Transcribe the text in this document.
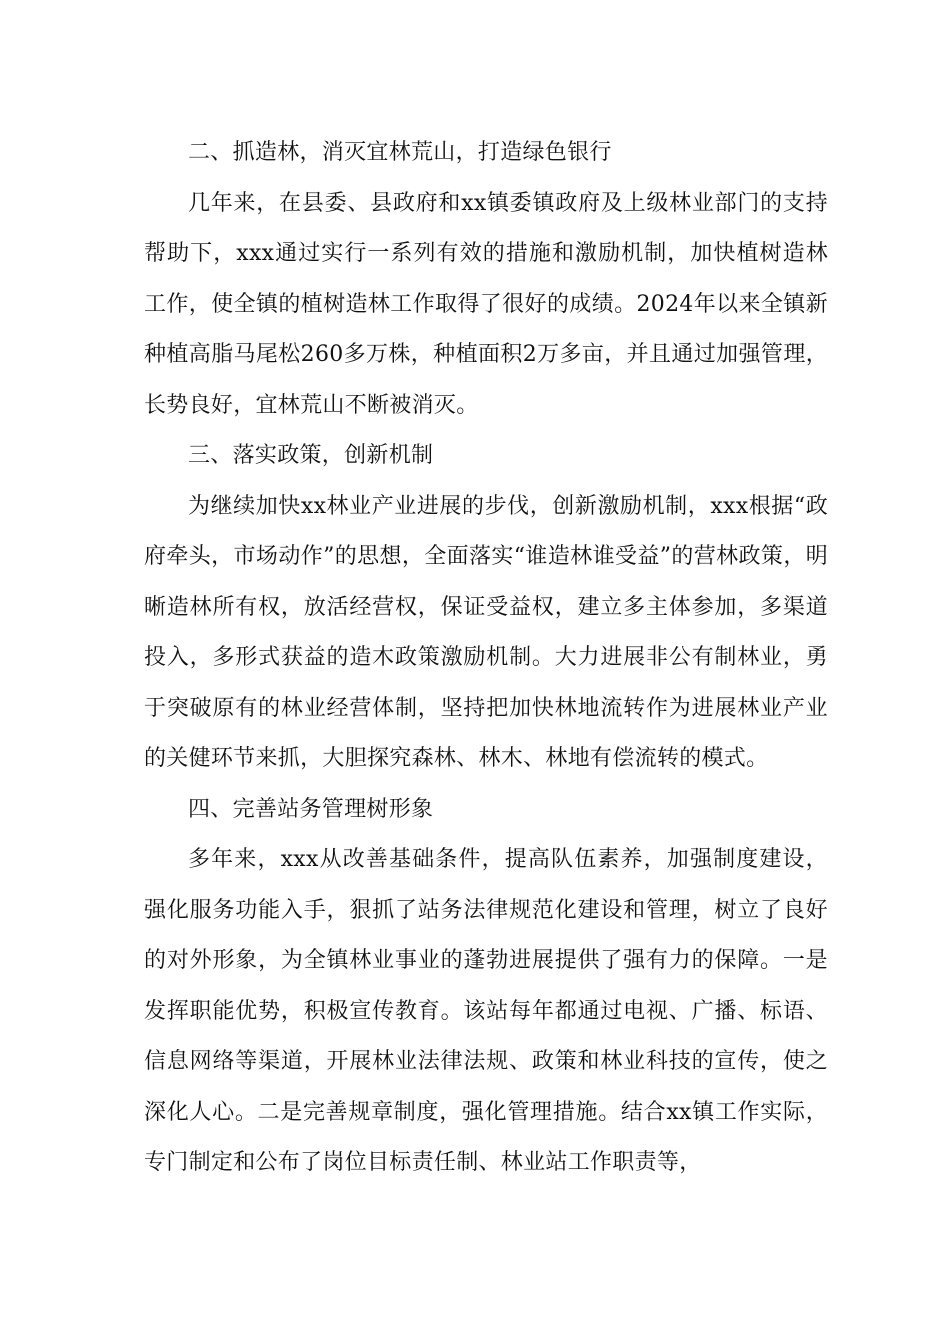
二、抓造林，消灭宜林荒山，打造绿色银行

几年来，在县委、县政府和xx镇委镇政府及上级林业部门的支持帮助下，xxx通过实行一系列有效的措施和激励机制，加快植树造林工作，使全镇的植树造林工作取得了很好的成绩。2024年以来全镇新种植高脂马尾松260多万株，种植面积2万多亩，并且通过加强管理，长势良好，宜林荒山不断被消灭。

三、落实政策，创新机制

为继续加快xx林业产业进展的步伐，创新激励机制，xxx根据“政府牵头，市场动作”的思想，全面落实“谁造林谁受益”的营林政策，明晰造林所有权，放活经营权，保证受益权，建立多主体参加，多渠道投入，多形式获益的造木政策激励机制。大力进展非公有制林业，勇于突破原有的林业经营体制，坚持把加快林地流转作为进展林业产业的关健环节来抓，大胆探究森林、林木、林地有偿流转的模式。

四、完善站务管理树形象

多年来，xxx从改善基础条件，提高队伍素养，加强制度建设，强化服务功能入手，狠抓了站务法律规范化建设和管理，树立了良好的对外形象，为全镇林业事业的蓬勃进展提供了强有力的保障。一是发挥职能优势，积极宣传教育。该站每年都通过电视、广播、标语、信息网络等渠道，开展林业法律法规、政策和林业科技的宣传，使之深化人心。二是完善规章制度，强化管理措施。结合xx镇工作实际，专门制定和公布了岗位目标责任制、林业站工作职责等，
